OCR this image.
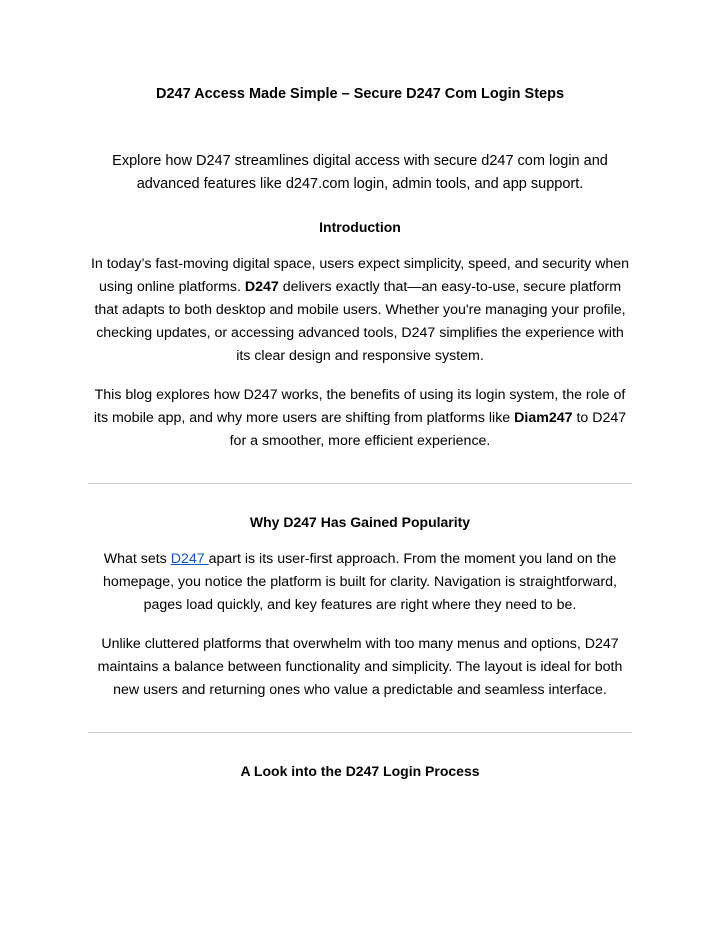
D247 Access Made Simple – Secure D247 Com Login Steps

Explore how D247 streamlines digital access with secure d247 com login and advanced features like d247.com login, admin tools, and app support.

Introduction

In today’s fast-moving digital space, users expect simplicity, speed, and security when using online platforms. D247 delivers exactly that—an easy-to-use, secure platform that adapts to both desktop and mobile users. Whether you're managing your profile, checking updates, or accessing advanced tools, D247 simplifies the experience with its clear design and responsive system.

This blog explores how D247 works, the benefits of using its login system, the role of its mobile app, and why more users are shifting from platforms like Diam247 to D247 for a smoother, more efficient experience.

Why D247 Has Gained Popularity

What sets D247 apart is its user-first approach. From the moment you land on the homepage, you notice the platform is built for clarity. Navigation is straightforward, pages load quickly, and key features are right where they need to be.

Unlike cluttered platforms that overwhelm with too many menus and options, D247 maintains a balance between functionality and simplicity. The layout is ideal for both new users and returning ones who value a predictable and seamless interface.

A Look into the D247 Login Process
